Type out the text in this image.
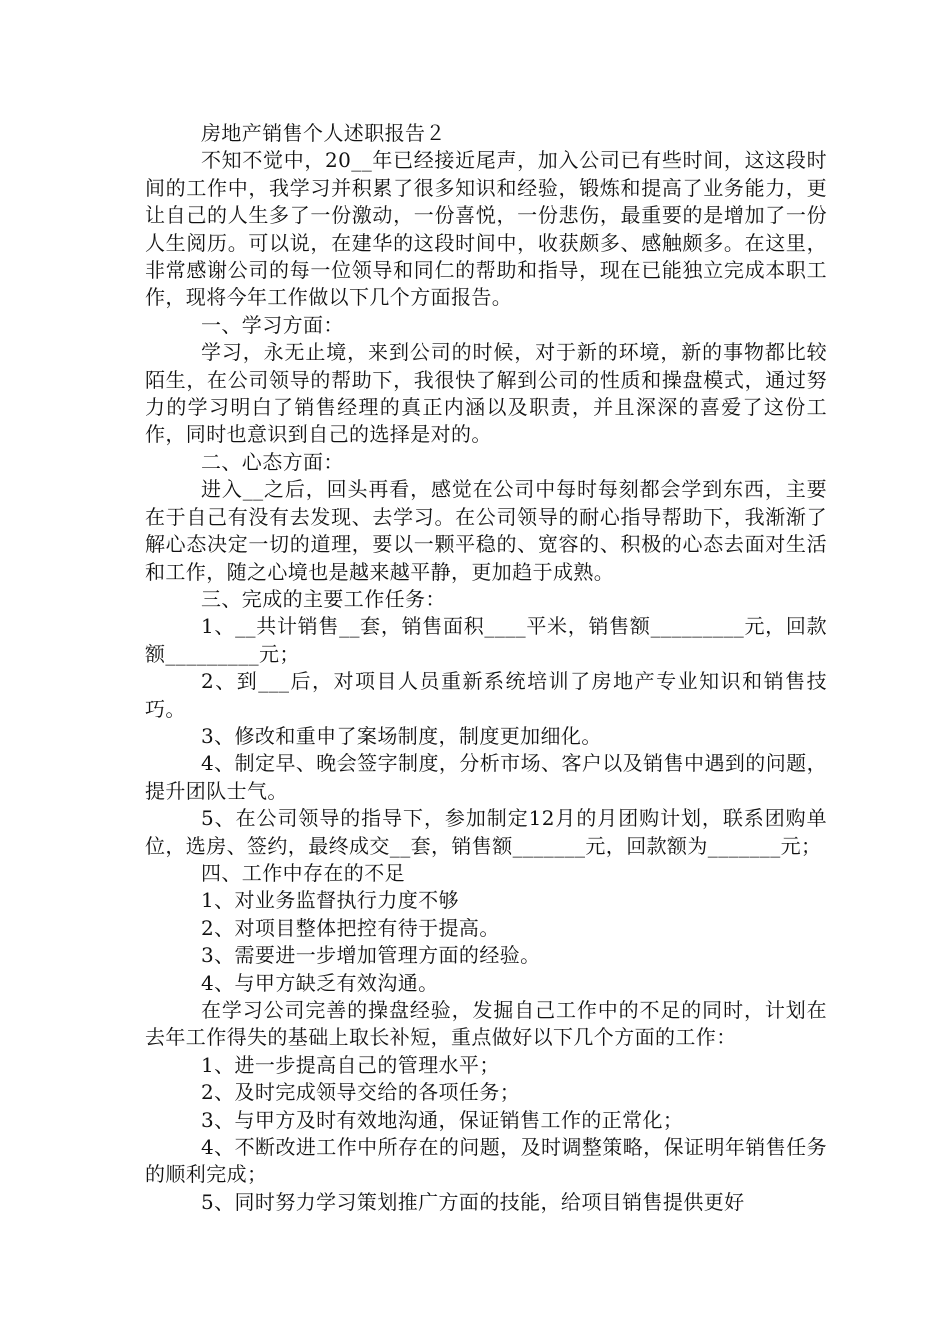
房地产销售个人述职报告２

不知不觉中，20__年已经接近尾声，加入公司已有些时间，这这段时间的工作中，我学习并积累了很多知识和经验，锻炼和提高了业务能力，更让自己的人生多了一份激动，一份喜悦，一份悲伤，最重要的是增加了一份人生阅历。可以说，在建华的这段时间中，收获颇多、感触颇多。在这里，非常感谢公司的每一位领导和同仁的帮助和指导，现在已能独立完成本职工作，现将今年工作做以下几个方面报告。

一、学习方面：

学习，永无止境，来到公司的时候，对于新的环境，新的事物都比较陌生，在公司领导的帮助下，我很快了解到公司的性质和操盘模式，通过努力的学习明白了销售经理的真正内涵以及职责，并且深深的喜爱了这份工作，同时也意识到自己的选择是对的。

二、心态方面：

进入__之后，回头再看，感觉在公司中每时每刻都会学到东西，主要在于自己有没有去发现、去学习。在公司领导的耐心指导帮助下，我渐渐了解心态决定一切的道理，要以一颗平稳的、宽容的、积极的心态去面对生活和工作，随之心境也是越来越平静，更加趋于成熟。

三、完成的主要工作任务：

1、__共计销售__套，销售面积____平米，销售额_________元，回款额_________元；

2、到___后，对项目人员重新系统培训了房地产专业知识和销售技巧。

3、修改和重申了案场制度，制度更加细化。

4、制定早、晚会签字制度，分析市场、客户以及销售中遇到的问题，提升团队士气。

5、在公司领导的指导下，参加制定12月的月团购计划，联系团购单位，选房、签约，最终成交__套，销售额_______元，回款额为_______元；

四、工作中存在的不足

1、对业务监督执行力度不够

2、对项目整体把控有待于提高。

3、需要进一步增加管理方面的经验。

4、与甲方缺乏有效沟通。

在学习公司完善的操盘经验，发掘自己工作中的不足的同时，计划在去年工作得失的基础上取长补短，重点做好以下几个方面的工作：

1、进一步提高自己的管理水平；

2、及时完成领导交给的各项任务；

3、与甲方及时有效地沟通，保证销售工作的正常化；

4、不断改进工作中所存在的问题，及时调整策略，保证明年销售任务的顺利完成；

5、同时努力学习策划推广方面的技能，给项目销售提供更好
